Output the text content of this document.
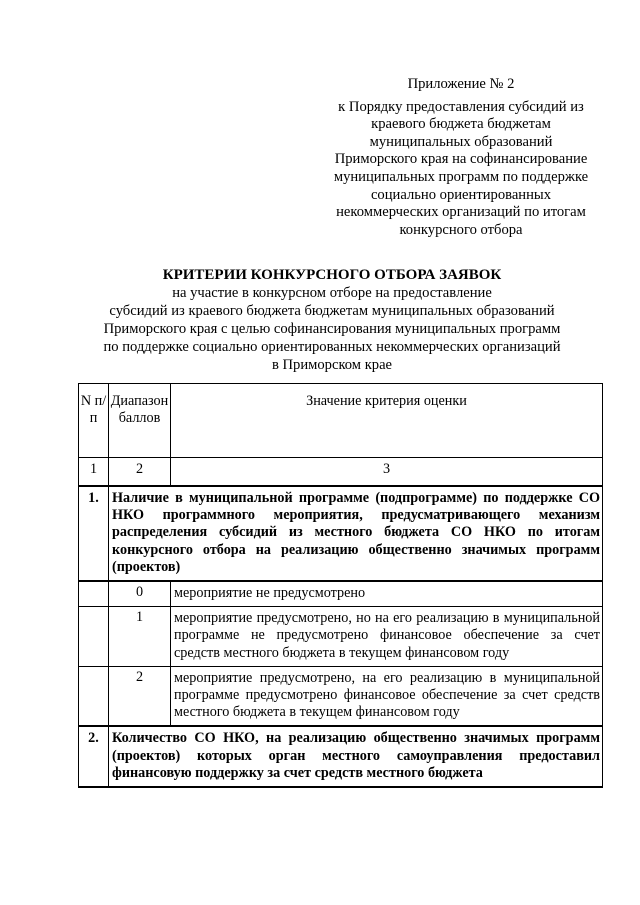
Приложение № 2
к Порядку предоставления субсидий из
краевого бюджета бюджетам
муниципальных образований
Приморского края на софинансирование
муниципальных программ по поддержке
социально ориентированных
некоммерческих организаций по итогам
конкурсного отбора
КРИТЕРИИ КОНКУРСНОГО ОТБОРА ЗАЯВОК
на участие в конкурсном отборе на предоставление
субсидий из краевого бюджета бюджетам муниципальных образований
Приморского края с целью софинансирования муниципальных программ
по поддержке социально ориентированных некоммерческих организаций
в Приморском крае
N п/п	Диапазон баллов	Значение критерия оценки
1	2	3
1.	Наличие в муниципальной программе (подпрограмме) по поддержке СО НКО программного мероприятия, предусматривающего механизм распределения субсидий из местного бюджета СО НКО по итогам конкурсного отбора на реализацию общественно значимых программ (проектов)	
	0	мероприятие не предусмотрено
	1	мероприятие предусмотрено, но на его реализацию в муниципальной программе не предусмотрено финансовое обеспечение за счет средств местного бюджета в текущем финансовом году
	2	мероприятие предусмотрено, на его реализацию в муниципальной программе предусмотрено финансовое обеспечение за счет средств местного бюджета в текущем финансовом году
2.	Количество СО НКО, на реализацию общественно значимых программ (проектов) которых орган местного самоуправления предоставил финансовую поддержку за счет средств местного бюджета	
